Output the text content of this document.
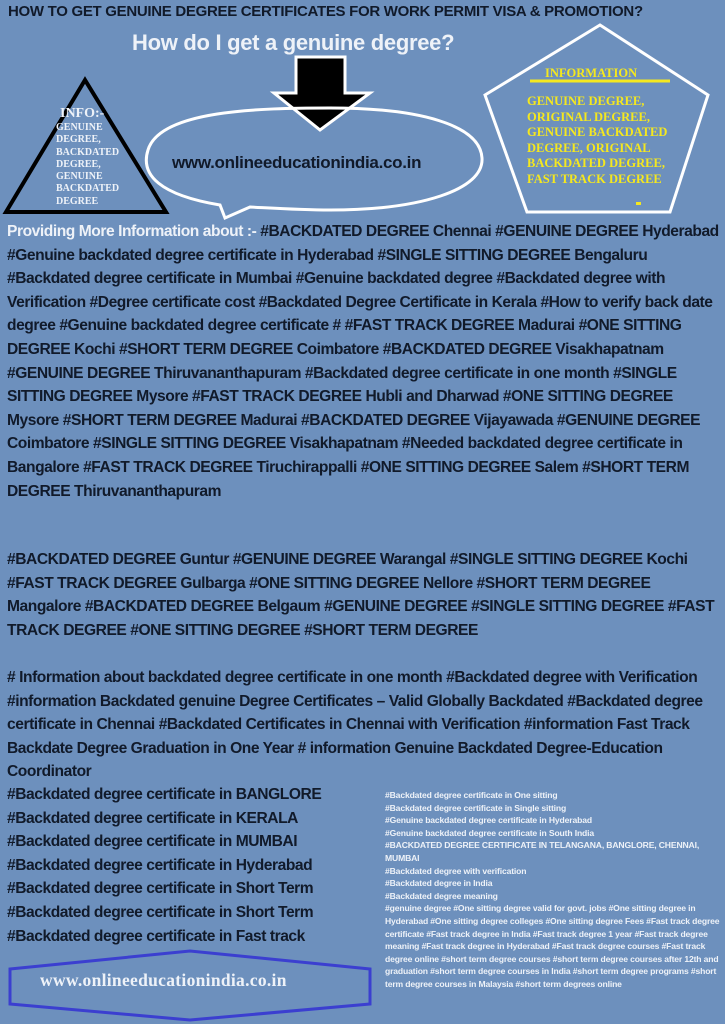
HOW TO GET GENUINE DEGREE CERTIFICATES FOR WORK PERMIT VISA & PROMOTION?
How do I get a genuine degree?
INFO:-
GENUINE
DEGREE,
BACKDATED
DEGREE,
GENUINE
BACKDATED
DEGREE
www.onlineeducationindia.co.in
INFORMATION
GENUINE DEGREE, ORIGINAL DEGREE, GENUINE BACKDATED DEGREE, ORIGINAL BACKDATED DEGREE, FAST TRACK DEGREE
Providing More Information about :- #BACKDATED DEGREE Chennai #GENUINE DEGREE Hyderabad #Genuine backdated degree certificate in Hyderabad #SINGLE SITTING DEGREE Bengaluru #Backdated degree certificate in Mumbai #Genuine backdated degree #Backdated degree with Verification #Degree certificate cost #Backdated Degree Certificate in Kerala #How to verify back date degree #Genuine backdated degree certificate # #FAST TRACK DEGREE Madurai #ONE SITTING DEGREE Kochi #SHORT TERM DEGREE Coimbatore #BACKDATED DEGREE Visakhapatnam #GENUINE DEGREE Thiruvananthapuram #Backdated degree certificate in one month #SINGLE SITTING DEGREE Mysore #FAST TRACK DEGREE Hubli and Dharwad #ONE SITTING DEGREE Mysore #SHORT TERM DEGREE Madurai #BACKDATED DEGREE Vijayawada #GENUINE DEGREE Coimbatore #SINGLE SITTING DEGREE Visakhapatnam #Needed backdated degree certificate in Bangalore #FAST TRACK DEGREE Tiruchirappalli #ONE SITTING DEGREE Salem #SHORT TERM DEGREE Thiruvananthapuram
#BACKDATED DEGREE Guntur #GENUINE DEGREE Warangal #SINGLE SITTING DEGREE Kochi #FAST TRACK DEGREE Gulbarga #ONE SITTING DEGREE Nellore #SHORT TERM DEGREE Mangalore #BACKDATED DEGREE Belgaum #GENUINE DEGREE #SINGLE SITTING DEGREE #FAST TRACK DEGREE #ONE SITTING DEGREE #SHORT TERM DEGREE
# Information about backdated degree certificate in one month #Backdated degree with Verification #information Backdated genuine Degree Certificates – Valid Globally Backdated #Backdated degree certificate in Chennai #Backdated Certificates in Chennai with Verification #information Fast Track Backdate Degree Graduation in One Year # information Genuine Backdated Degree-Education Coordinator
#Backdated degree certificate in BANGLORE
#Backdated degree certificate in KERALA
#Backdated degree certificate in MUMBAI
#Backdated degree certificate in Hyderabad
#Backdated degree certificate in Short Term
#Backdated degree certificate in Short Term
#Backdated degree certificate in Fast track
#Backdated degree certificate in One sitting
#Backdated degree certificate in Single sitting
#Genuine backdated degree certificate in Hyderabad
#Genuine backdated degree certificate in South India
#BACKDATED DEGREE CERTIFICATE IN TELANGANA, BANGLORE, CHENNAI, MUMBAI
#Backdated degree with verification
#Backdated degree in India
#Backdated degree meaning
#genuine degree #One sitting degree valid for govt. jobs #One sitting degree in Hyderabad #One sitting degree colleges #One sitting degree Fees #Fast track degree certificate #Fast track degree in India #Fast track degree 1 year #Fast track degree meaning #Fast track degree in Hyderabad #Fast track degree courses #Fast track degree online #short term degree courses #short term degree courses after 12th and graduation #short term degree courses in India #short term degree programs #short term degree courses in Malaysia #short term degrees online
www.onlineeducationindia.co.in
